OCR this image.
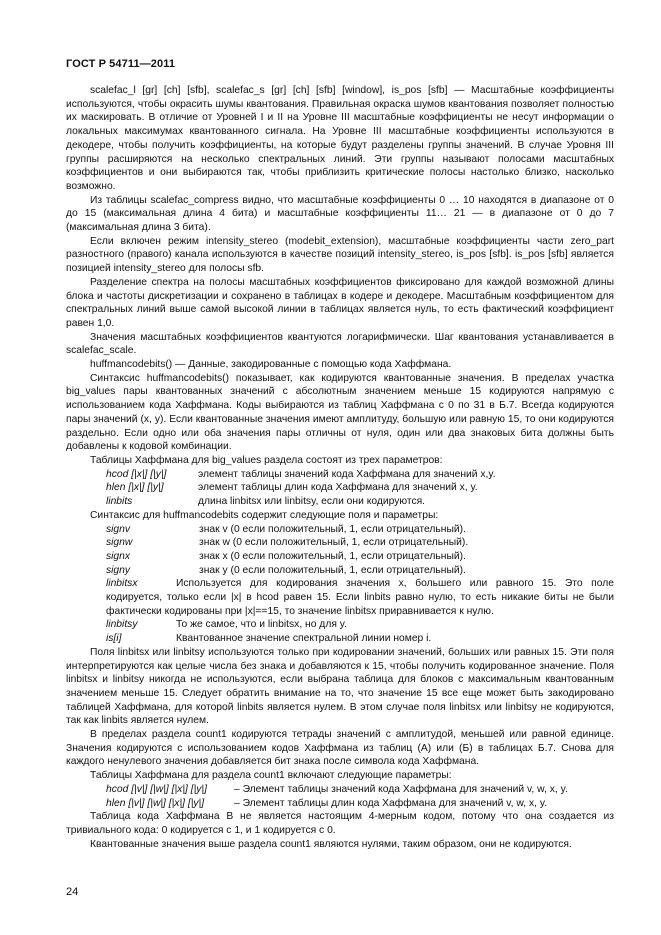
ГОСТ Р 54711—2011

scalefac_l [gr] [ch] [sfb], scalefac_s [gr] [ch] [sfb] [window], is_pos [sfb] — Масштабные коэффициенты используются, чтобы окрасить шумы квантования. Правильная окраска шумов квантования позволяет полностью их маскировать. В отличие от Уровней I и II на Уровне III масштабные коэффициенты не несут информации о локальных максимумах квантованного сигнала. На Уровне III масштабные коэффициенты используются в декодере, чтобы получить коэффициенты, на которые будут разделены группы значений. В случае Уровня III группы расширяются на несколько спектральных линий. Эти группы называют полосами масштабных коэффициентов и они выбираются так, чтобы приблизить критические полосы настолько близко, насколько возможно.

Из таблицы scalefac_compress видно, что масштабные коэффициенты 0 … 10 находятся в диапазоне от 0 до 15 (максимальная длина 4 бита) и масштабные коэффициенты 11… 21 — в диапазоне от 0 до 7 (максимальная длина 3 бита).

Если включен режим intensity_stereo (modebit_extension), масштабные коэффициенты части zero_part разностного (правого) канала используются в качестве позиций intensity_stereo, is_pos [sfb]. is_pos [sfb] является позицией intensity_stereo для полосы sfb.

Разделение спектра на полосы масштабных коэффициентов фиксировано для каждой возможной длины блока и частоты дискретизации и сохранено в таблицах в кодере и декодере. Масштабным коэффициентом для спектральных линий выше самой высокой линии в таблицах является нуль, то есть фактический коэффициент равен 1,0.

Значения масштабных коэффициентов квантуются логарифмически. Шаг квантования устанавливается в scalefac_scale.

huffmancodebits() — Данные, закодированные с помощью кода Хаффмана.

Синтаксис huffmancodebits() показывает, как кодируются квантованные значения. В пределах участка big_values пары квантованных значений с абсолютным значением меньше 15 кодируются напрямую с использованием кода Хаффмана. Коды выбираются из таблиц Хаффмана с 0 по 31 в Б.7. Всегда кодируются пары значений (x, y). Если квантованные значения имеют амплитуду, большую или равную 15, то они кодируются раздельно. Если одно или оба значения пары отличны от нуля, один или два знаковых бита должны быть добавлены к кодовой комбинации.

Таблицы Хаффмана для big_values раздела состоят из трех параметров:

hcod [|x|] [|y|]	элемент таблицы значений кода Хаффмана для значений x,y.
hlen [|x|] [|y|]	элемент таблицы длин кода Хаффмана для значений x, y.
linbits	длина linbitsx или linbitsy, если они кодируются.

Синтаксис для huffmancodebits содержит следующие поля и параметры:

signv	знак v (0 если положительный, 1, если отрицательный).
signw	знак w (0 если положительный, 1, если отрицательный).
signx	знак x (0 если положительный, 1, если отрицательный).
signy	знак y (0 если положительный, 1, если отрицательный).

linbitsx	Используется для кодирования значения x, большего или равного 15. Это поле кодируется, только если |x| в hcod равен 15. Если linbits равно нулю, то есть никакие биты не были фактически кодированы при |x|==15, то значение linbitsx приравнивается к нулю.

linbitsy	То же самое, что и linbitsx, но для y.
is[i]	Квантованное значение спектральной линии номер i.

Поля linbitsx или linbitsy используются только при кодировании значений, больших или равных 15. Эти поля интерпретируются как целые числа без знака и добавляются к 15, чтобы получить кодированное значение. Поля linbitsx и linbitsy никогда не используются, если выбрана таблица для блоков с максимальным квантованным значением меньше 15. Следует обратить внимание на то, что значение 15 все еще может быть закодировано таблицей Хаффмана, для которой linbits является нулем. В этом случае поля linbitsx или linbitsy не кодируются, так как linbits является нулем.

В пределах раздела count1 кодируются тетрады значений с амплитудой, меньшей или равной единице. Значения кодируются с использованием кодов Хаффмана из таблиц (А) или (Б) в таблицах Б.7. Снова для каждого ненулевого значения добавляется бит знака после символа кода Хаффмана.

Таблицы Хаффмана для раздела count1 включают следующие параметры:

hcod [|v|] [|w|] [|x|] [|y|]	– Элемент таблицы значений кода Хаффмана для значений v, w, x, y.
hlen [|v|] [|w|] [|x|] [|y|]	– Элемент таблицы длин кода Хаффмана для значений v, w, x, y.

Таблица кода Хаффмана В не является настоящим 4-мерным кодом, потому что она создается из тривиального кода: 0 кодируется с 1, и 1 кодируется с 0.

Квантованные значения выше раздела count1 являются нулями, таким образом, они не кодируются.

24
